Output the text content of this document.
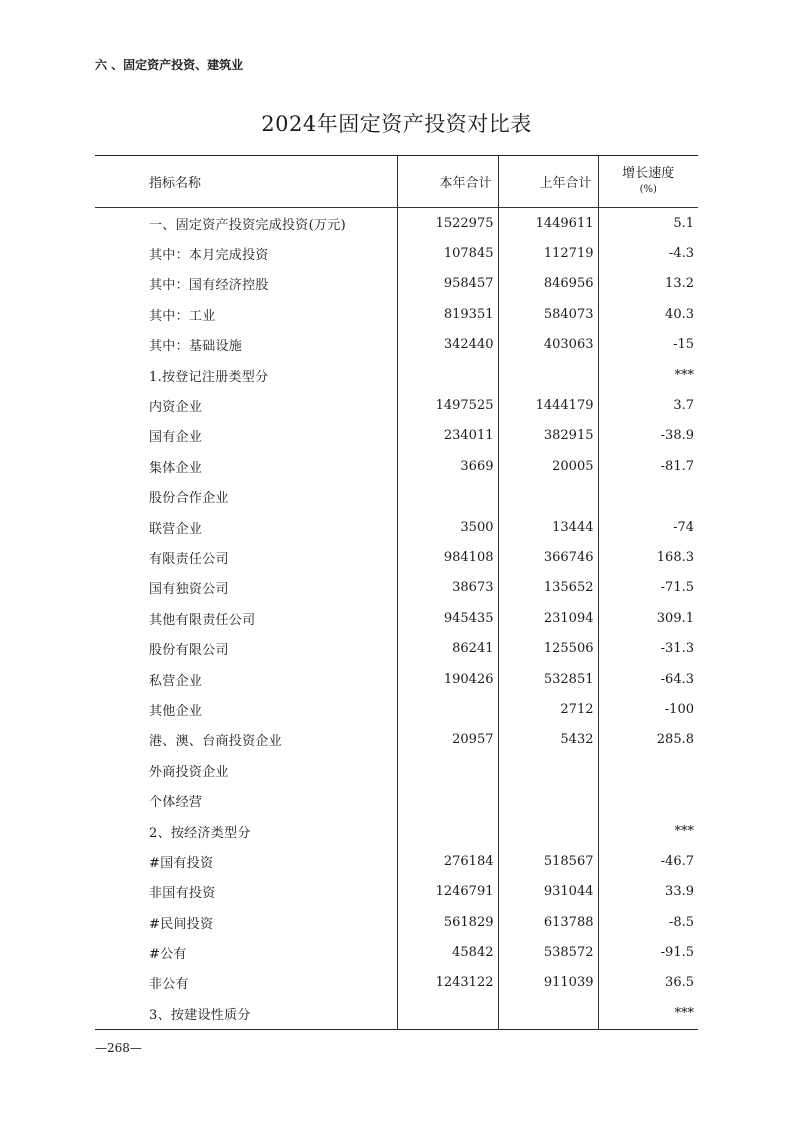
六 、固定资产投资、建筑业
2024年固定资产投资对比表
指标名称	本年合计	上年合计	增长速度
(%)

一、固定资产投资完成投资(万元)	1522975	1449611	5.1
其中：本月完成投资	107845	112719	-4.3
其中：国有经济控股	958457	846956	13.2
其中：工业	819351	584073	40.3
其中：基础设施	342440	403063	-15
1.按登记注册类型分			***
内资企业	1497525	1444179	3.7
国有企业	234011	382915	-38.9
集体企业	3669	20005	-81.7
股份合作企业			
联营企业	3500	13444	-74
有限责任公司	984108	366746	168.3
国有独资公司	38673	135652	-71.5
其他有限责任公司	945435	231094	309.1
股份有限公司	86241	125506	-31.3
私营企业	190426	532851	-64.3
其他企业		2712	-100
港、澳、台商投资企业	20957	5432	285.8
外商投资企业			
个体经营			
2、按经济类型分			***
#国有投资	276184	518567	-46.7
非国有投资	1246791	931044	33.9
#民间投资	561829	613788	-8.5
#公有	45842	538572	-91.5
非公有	1243122	911039	36.5
3、按建设性质分			***
—268—
